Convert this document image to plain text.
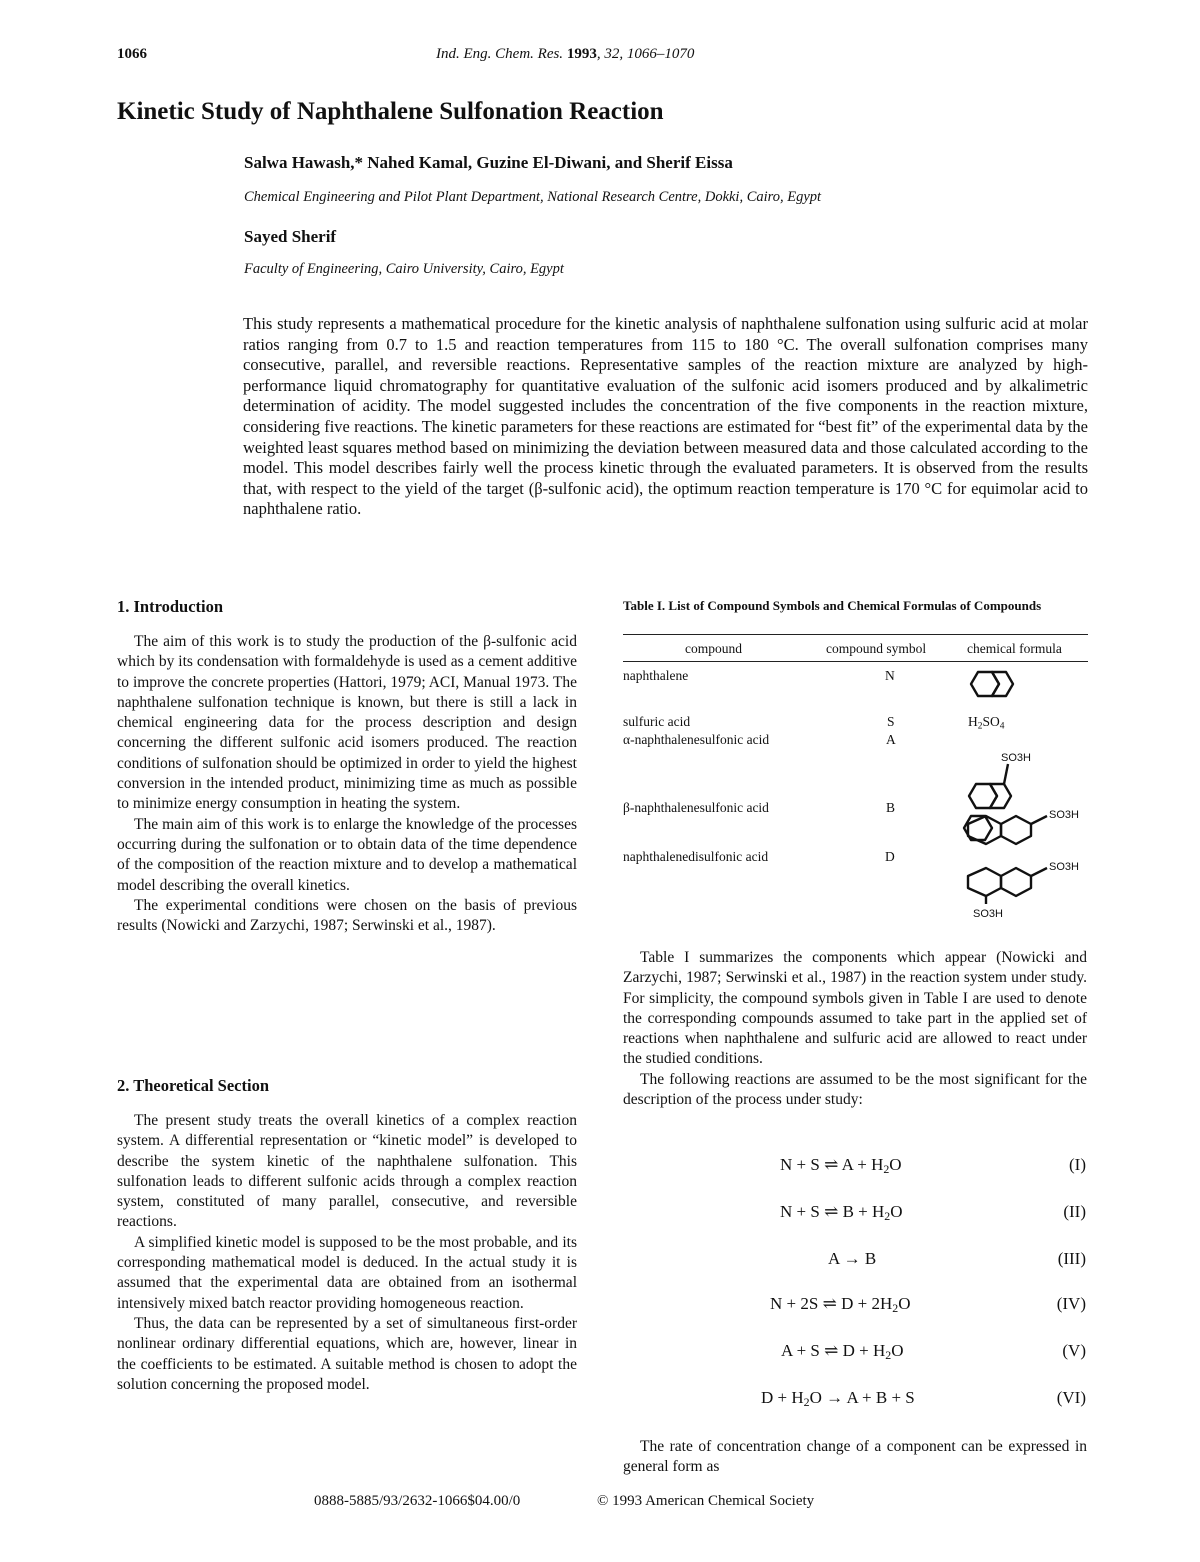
1066	Ind. Eng. Chem. Res. 1993, 32, 1066–1070
Kinetic Study of Naphthalene Sulfonation Reaction
Salwa Hawash,* Nahed Kamal, Guzine El-Diwani, and Sherif Eissa
Chemical Engineering and Pilot Plant Department, National Research Centre, Dokki, Cairo, Egypt
Sayed Sherif
Faculty of Engineering, Cairo University, Cairo, Egypt

This study represents a mathematical procedure for the kinetic analysis of naphthalene sulfonation using sulfuric acid at molar ratios ranging from 0.7 to 1.5 and reaction temperatures from 115 to 180 °C. The overall sulfonation comprises many consecutive, parallel, and reversible reactions. Representative samples of the reaction mixture are analyzed by high-performance liquid chromatography for quantitative evaluation of the sulfonic acid isomers produced and by alkalimetric determination of acidity. The model suggested includes the concentration of the five components in the reaction mixture, considering five reactions. The kinetic parameters for these reactions are estimated for “best fit” of the experimental data by the weighted least squares method based on minimizing the deviation between measured data and those calculated according to the model. This model describes fairly well the process kinetic through the evaluated parameters. It is observed from the results that, with respect to the yield of the target (β-sulfonic acid), the optimum reaction temperature is 170 °C for equimolar acid to naphthalene ratio.

1. Introduction

The aim of this work is to study the production of the β-sulfonic acid which by its condensation with formaldehyde is used as a cement additive to improve the concrete properties (Hattori, 1979; ACI, Manual 1973. The naphthalene sulfonation technique is known, but there is still a lack in chemical engineering data for the process description and design concerning the different sulfonic acid isomers produced. The reaction conditions of sulfonation should be optimized in order to yield the highest conversion in the intended product, minimizing time as much as possible to minimize energy consumption in heating the system.

The main aim of this work is to enlarge the knowledge of the processes occurring during the sulfonation or to obtain data of the time dependence of the composition of the reaction mixture and to develop a mathematical model describing the overall kinetics.

The experimental conditions were chosen on the basis of previous results (Nowicki and Zarzychi, 1987; Serwinski et al., 1987).

2. Theoretical Section

The present study treats the overall kinetics of a complex reaction system. A differential representation or “kinetic model” is developed to describe the system kinetic of the naphthalene sulfonation. This sulfonation leads to different sulfonic acids through a complex reaction system, constituted of many parallel, consecutive, and reversible reactions.

A simplified kinetic model is supposed to be the most probable, and its corresponding mathematical model is deduced. In the actual study it is assumed that the experimental data are obtained from an isothermal intensively mixed batch reactor providing homogeneous reaction.

Thus, the data can be represented by a set of simultaneous first-order nonlinear ordinary differential equations, which are, however, linear in the coefficients to be estimated. A suitable method is chosen to adopt the solution concerning the proposed model.

Table I. List of Compound Symbols and Chemical Formulas of Compounds
compound	compound symbol	chemical formula
naphthalene	N
sulfuric acid	S	$H_2SO_4$
α-naphthalenesulfonic acid	A
β-naphthalenesulfonic acid	B
naphthalenedisulfonic acid	D
SO3H
SO3H
SO3H
SO3H

Table I summarizes the components which appear (Nowicki and Zarzychi, 1987; Serwinski et al., 1987) in the reaction system under study. For simplicity, the compound symbols given in Table I are used to denote the corresponding compounds assumed to take part in the applied set of reactions when naphthalene and sulfuric acid are allowed to react under the studied conditions.

The following reactions are assumed to be the most significant for the description of the process under study:

N + S ⇌ $A + H_2O$	(I)
N + S ⇌ $B + H_2O$	(II)
A → B	(III)
N + 2S ⇌ $D + 2H_2O$	(IV)
A + S ⇌ $D + H_2O$	(V)
$D + H_2O \to A + B + S$	(VI)

The rate of concentration change of a component can be expressed in general form as

0888-5885/93/2632-1066$04.00/0	© 1993 American Chemical Society
